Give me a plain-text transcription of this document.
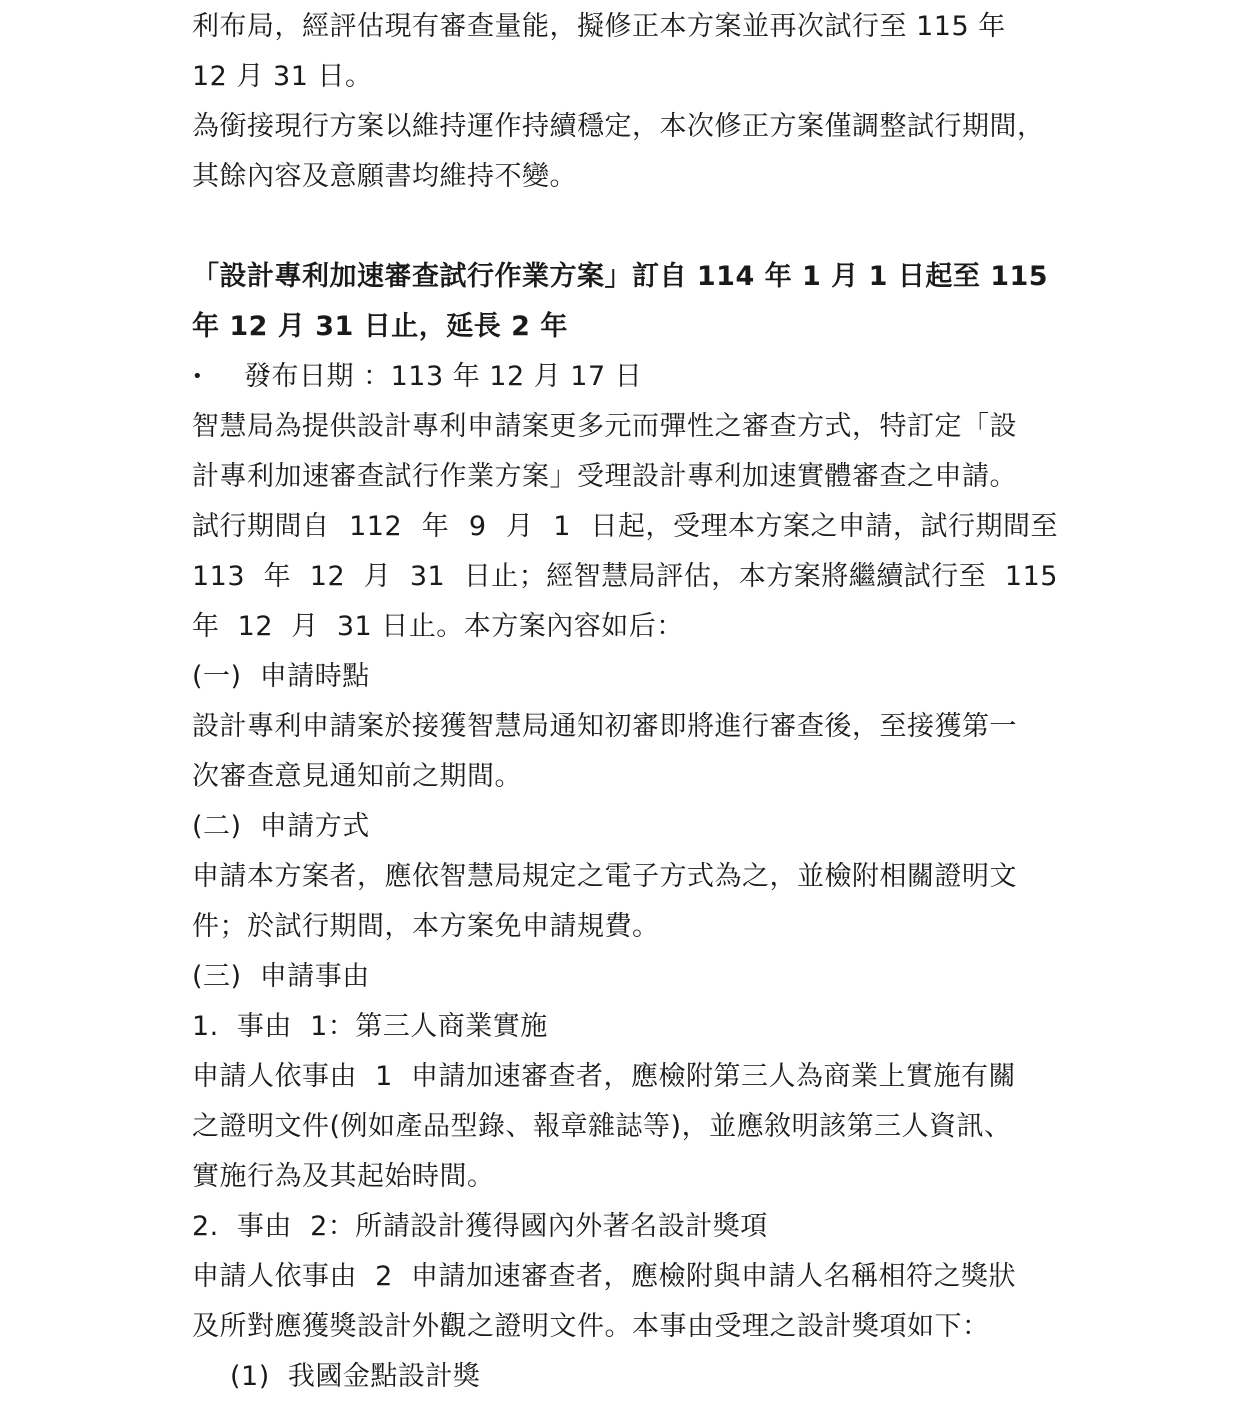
利布局，經評估現有審查量能，擬修正本方案並再次試行至 115 年
12 月 31 日。
為銜接現行方案以維持運作持續穩定，本次修正方案僅調整試行期間，
其餘內容及意願書均維持不變。
「設計專利加速審查試行作業方案」訂自 114 年 1 月 1 日起至 115
年 12 月 31 日止，延長 2 年
•	發布日期 ：113 年 12 月 17 日
智慧局為提供設計專利申請案更多元而彈性之審查方式，特訂定「設
計專利加速審查試行作業方案」受理設計專利加速實體審查之申請。
試行期間自 112 年 9 月 1 日起，受理本方案之申請，試行期間至
113 年 12 月 31 日止；經智慧局評估，本方案將繼續試行至 115
年  12  月  31 日止。本方案內容如后：
(一)  申請時點
設計專利申請案於接獲智慧局通知初審即將進行審查後，至接獲第一
次審查意見通知前之期間。
(二)  申請方式
申請本方案者，應依智慧局規定之電子方式為之，並檢附相關證明文
件；於試行期間，本方案免申請規費。
(三)  申請事由
1.  事由  1：第三人商業實施
申請人依事由  1  申請加速審查者，應檢附第三人為商業上實施有關
之證明文件(例如產品型錄、報章雜誌等)，並應敘明該第三人資訊、
實施行為及其起始時間。
2.  事由  2：所請設計獲得國內外著名設計獎項
申請人依事由  2  申請加速審查者，應檢附與申請人名稱相符之獎狀
及所對應獲獎設計外觀之證明文件。本事由受理之設計獎項如下：
(1)  我國金點設計獎
